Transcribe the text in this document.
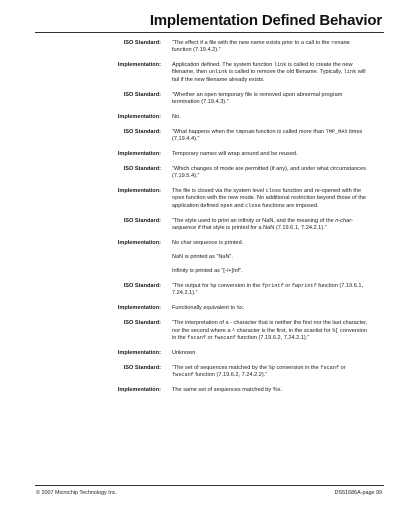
Implementation Defined Behavior
ISO Standard: “The effect if a file with the new name exists prior to a call to the rename function (7.19.4.2).”

Implementation: Application defined. The system function link is called to create the new filename, then unlink is called to remove the old filename. Typically, link will fail if the new filename already exists.

ISO Standard: “Whether an open temporary file is removed upon abnormal program termination (7.19.4.3).”

Implementation: No.

ISO Standard: “What happens when the tmpnam function is called more than TMP_MAX times (7.19.4.4).”

Implementation: Temporary names will wrap around and be reused.

ISO Standard: “Which changes of mode are permitted (if any), and under what circumstances (7.19.5.4).”

Implementation: The file is closed via the system level close function and re-opened with the open function with the new mode. No additional restriction beyond those of the application defined open and close functions are imposed.

ISO Standard: “The style used to print an infinity or NaN, and the meaning of the n-char-sequence if that style is printed for a NaN (7.19.6.1, 7.24.2.1).”

Implementation: No char sequence is printed.

NaN is printed as “NaN”.

Infinity is printed as “[-/+]Inf”.

ISO Standard: “The output for %p conversion in the fprintf or fwprintf function (7.19.6.1, 7.24.2.1).”

Implementation: Functionally equivalent to %x.

ISO Standard: “The interpretation of a - character that is neither the first nor the last character, nor the second where a ^ character is the first, in the scanlist for %[ conversion in the fscanf or fwscanf function (7.19.6.2, 7.24.2.1).”

Implementation: Unknown

ISO Standard: “The set of sequences matched by the %p conversion in the fscanf or fwscanf function (7.19.6.2, 7.24.2.2).”

Implementation: The same set of sequences matched by %x.

© 2007 Microchip Technology Inc.	DS51686A-page 99
